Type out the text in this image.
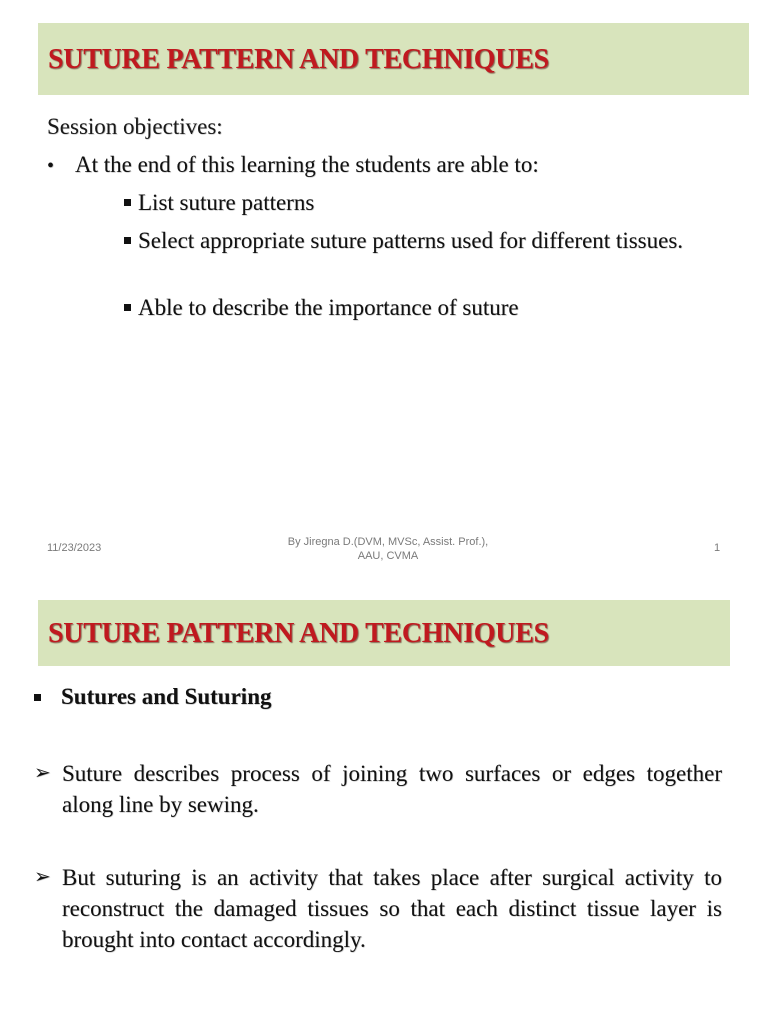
SUTURE PATTERN AND TECHNIQUES
Session objectives:
• At the end of this learning the students are able to:
List suture patterns
Select appropriate suture patterns used for different tissues.
Able to describe the importance of suture
11/23/2023	By Jiregna D.(DVM, MVSc, Assist. Prof.),
AAU, CVMA
1
SUTURE PATTERN AND TECHNIQUES
Sutures and Suturing
➢ Suture describes process of joining two surfaces or edges together along line by sewing.
➢ But suturing is an activity that takes place after surgical activity to reconstruct the damaged tissues so that each distinct tissue layer is brought into contact accordingly.
